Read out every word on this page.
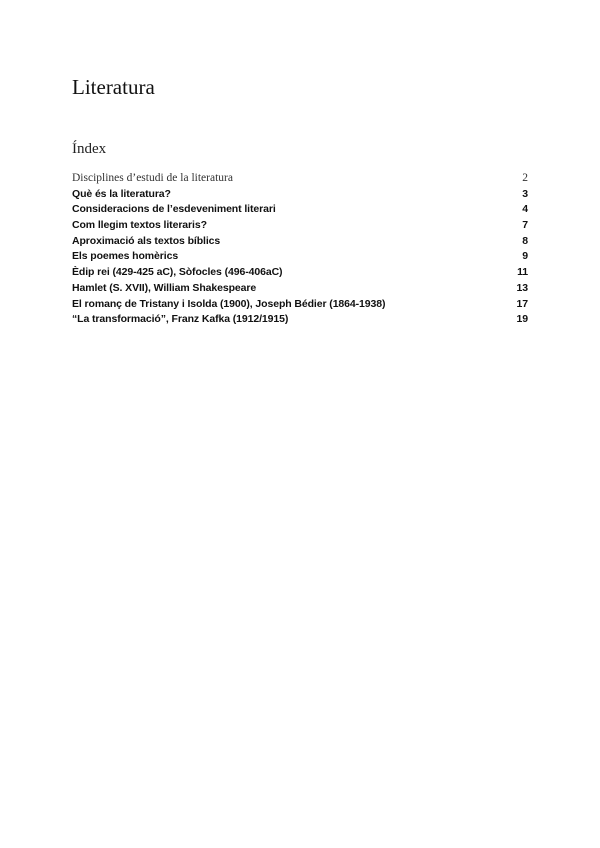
Literatura
Índex
Disciplines d’estudi de la literatura	2
Què és la literatura?	3
Consideracions de l’esdeveniment literari	4
Com llegim textos literaris?	7
Aproximació als textos bíblics	8
Els poemes homèrics	9
Èdip rei (429-425 aC), Sòfocles (496-406aC)	11
Hamlet (S. XVII), William Shakespeare	13
El romanç de Tristany i Isolda (1900), Joseph Bédier (1864-1938)	17
“La transformació”, Franz Kafka (1912/1915)	19
